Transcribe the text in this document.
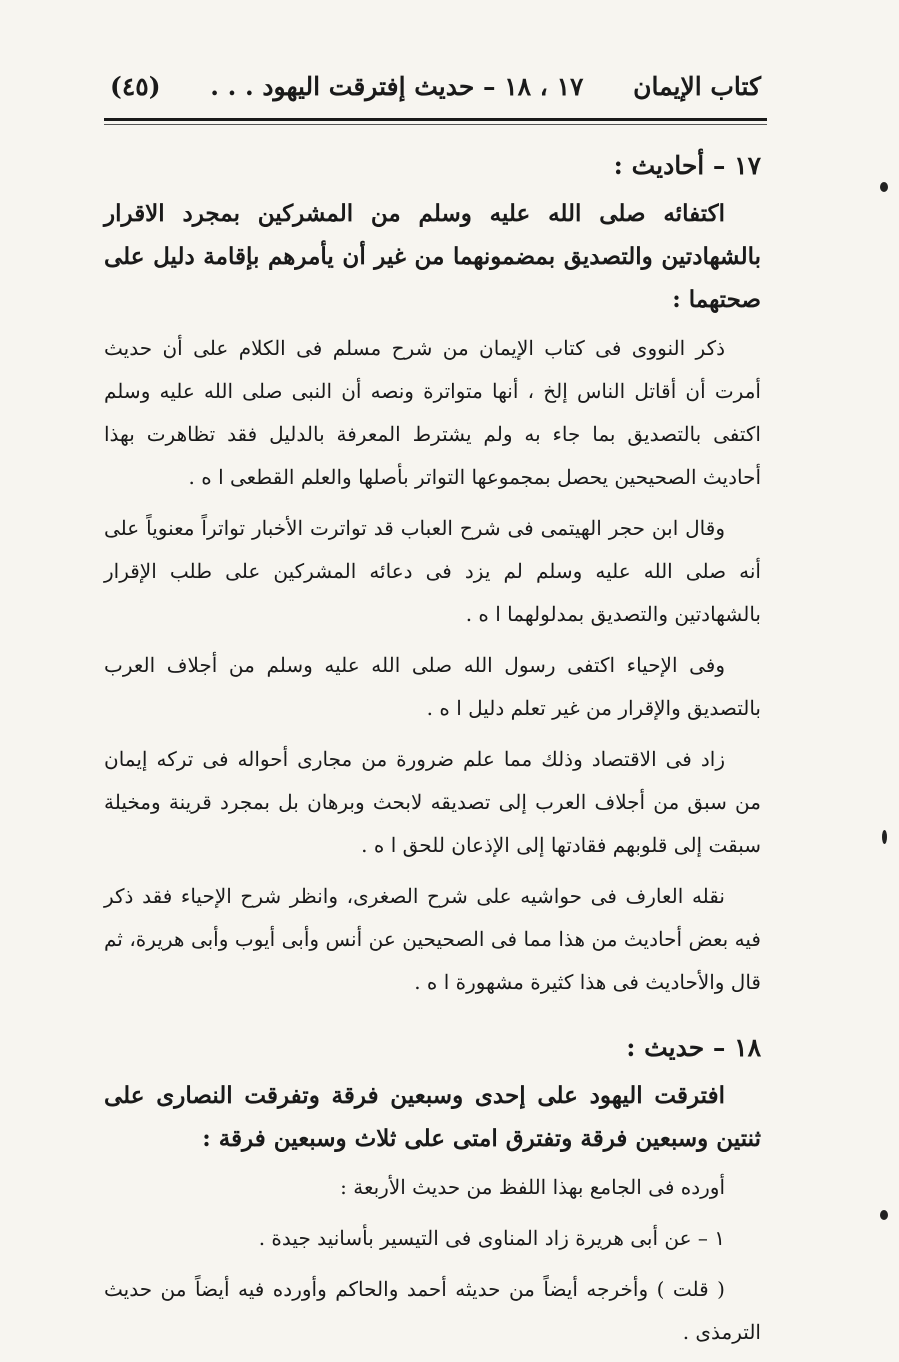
كتاب الإيمان
١٧ ، ١٨ – حديث إفترقت اليهود . . .
(٤٥)
١٧ – أحاديث :

اكتفائه صلى الله عليه وسلم من المشركين بمجرد الاقرار بالشهادتين والتصديق بمضمونهما من غير أن يأمرهم بإقامة دليل على صحتهما :

ذكر النووى فى كتاب الإيمان من شرح مسلم فى الكلام على أن حديث أمرت أن أقاتل الناس إلخ ، أنها متواترة ونصه أن النبى صلى الله عليه وسلم اكتفى بالتصديق بما جاء به ولم يشترط المعرفة بالدليل فقد تظاهرت بهذا أحاديث الصحيحين يحصل بمجموعها التواتر بأصلها والعلم القطعى ا ه .

وقال ابن حجر الهيتمى فى شرح العباب قد تواترت الأخبار تواتراً معنوياً على أنه صلى الله عليه وسلم لم يزد فى دعائه المشركين على طلب الإقرار بالشهادتين والتصديق بمدلولهما ا ه .

وفى الإحياء اكتفى رسول الله صلى الله عليه وسلم من أجلاف العرب بالتصديق والإقرار من غير تعلم دليل ا ه .

زاد فى الاقتصاد وذلك مما علم ضرورة من مجارى أحواله فى تركه إيمان من سبق من أجلاف العرب إلى تصديقه لابحث وبرهان بل بمجرد قرينة ومخيلة سبقت إلى قلوبهم فقادتها إلى الإذعان للحق ا ه .

نقله العارف فى حواشيه على شرح الصغرى، وانظر شرح الإحياء فقد ذكر فيه بعض أحاديث من هذا مما فى الصحيحين عن أنس وأبى أيوب وأبى هريرة، ثم قال والأحاديث فى هذا كثيرة مشهورة ا ه .

١٨ – حديث :

افترقت اليهود على إحدى وسبعين فرقة وتفرقت النصارى على ثنتين وسبعين فرقة وتفترق امتى على ثلاث وسبعين فرقة :

أورده فى الجامع بهذا اللفظ من حديث الأربعة :

١ – عن أبى هريرة زاد المناوى فى التيسير بأسانيد جيدة .

( قلت ) وأخرجه أيضاً من حديثه أحمد والحاكم وأورده فيه أيضاً من حديث الترمذى .
